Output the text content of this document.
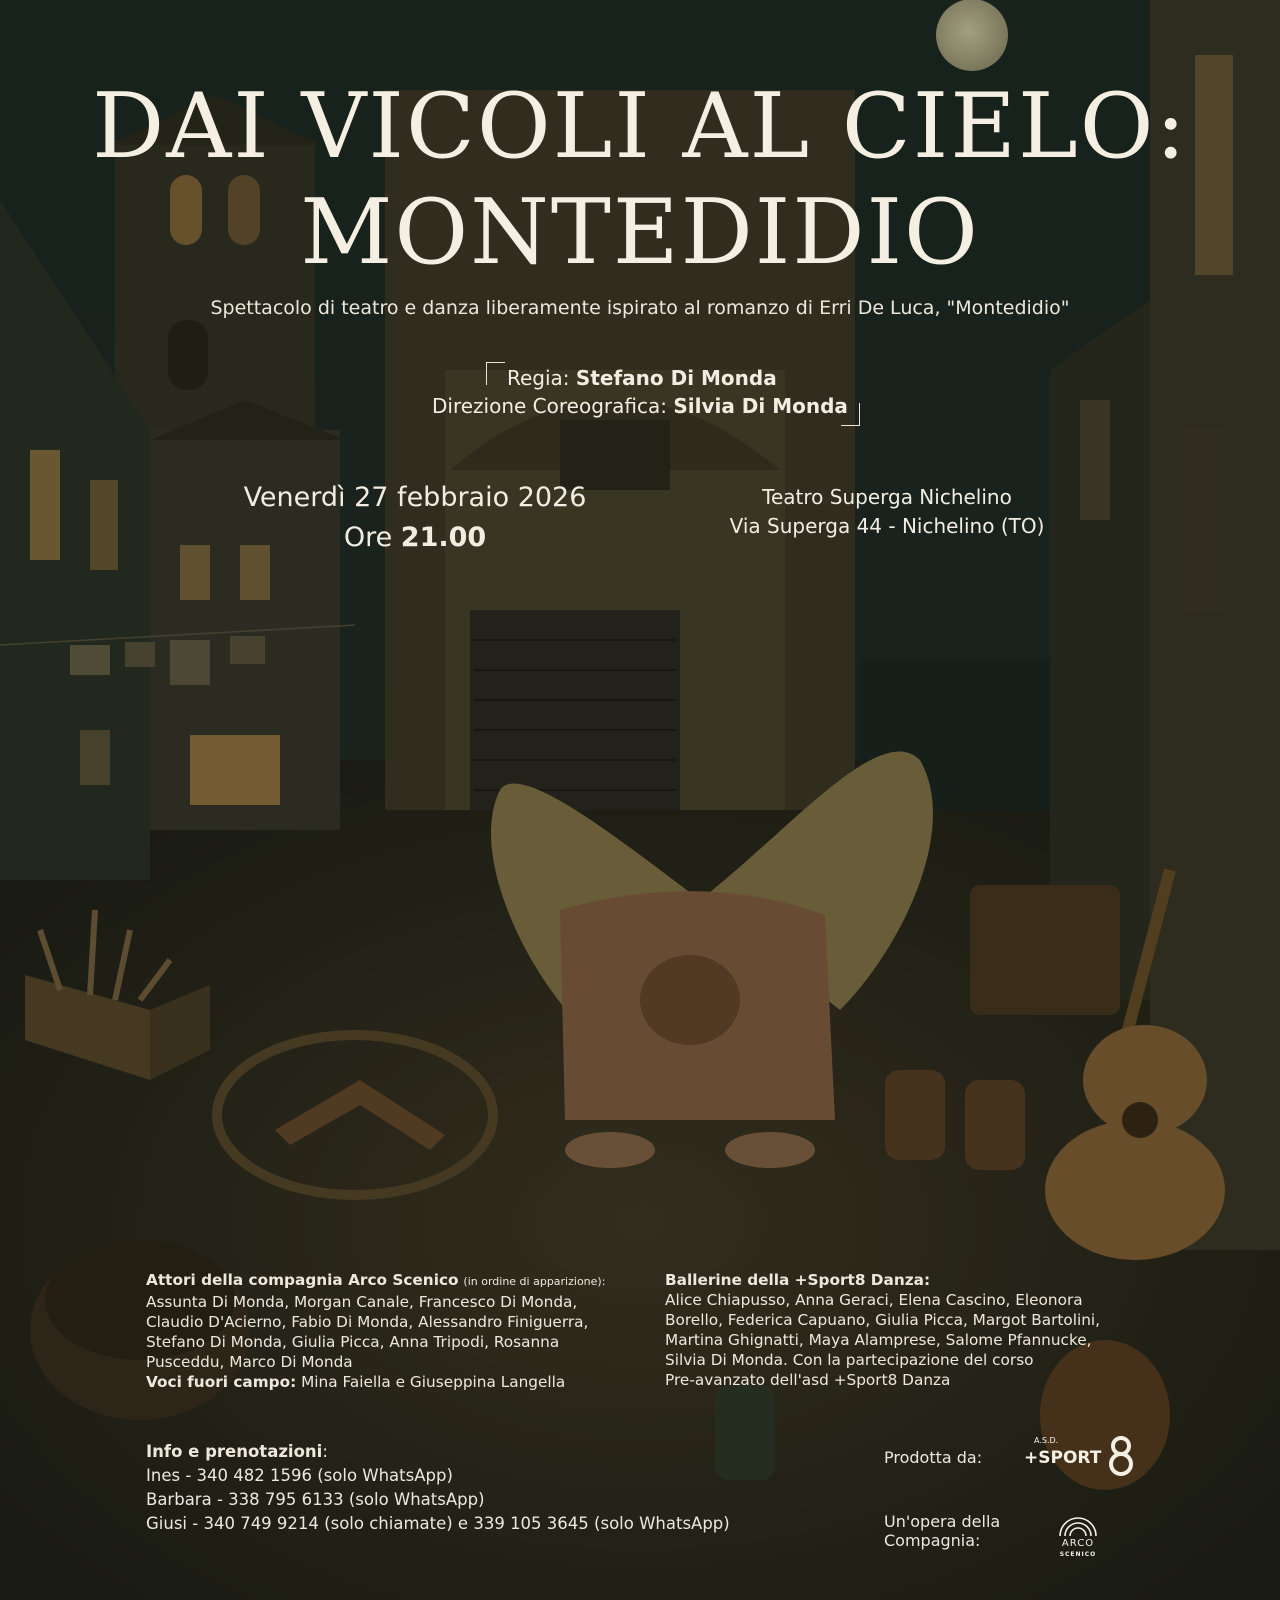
DAI VICOLI AL CIELO:
MONTEDIDIO
Spettacolo di teatro e danza liberamente ispirato al romanzo di Erri De Luca, "Montedidio"
Regia: Stefano Di Monda
Direzione Coreografica: Silvia Di Monda
Venerdì 27 febbraio 2026
Ore 21.00
Teatro Superga Nichelino
Via Superga 44 - Nichelino (TO)
Attori della compagnia Arco Scenico (in ordine di apparizione):
Assunta Di Monda, Morgan Canale, Francesco Di Monda,
Claudio D'Acierno, Fabio Di Monda, Alessandro Finiguerra,
Stefano Di Monda, Giulia Picca, Anna Tripodi, Rosanna
Pusceddu, Marco Di Monda
Voci fuori campo: Mina Faiella e Giuseppina Langella
Ballerine della +Sport8 Danza:
Alice Chiapusso, Anna Geraci, Elena Cascino, Eleonora
Borello, Federica Capuano, Giulia Picca, Margot Bartolini,
Martina Ghignatti, Maya Alamprese, Salome Pfannucke,
Silvia Di Monda. Con la partecipazione del corso
Pre-avanzato dell'asd +Sport8 Danza
Info e prenotazioni:
Ines - 340 482 1596 (solo WhatsApp)
Barbara - 338 795 6133 (solo WhatsApp)
Giusi - 340 749 9214 (solo chiamate) e 339 105 3645 (solo WhatsApp)
Prodotta da:
A.S.D.
+SPORT
Un'opera della
Compagnia:	ARCO
SCENICO
